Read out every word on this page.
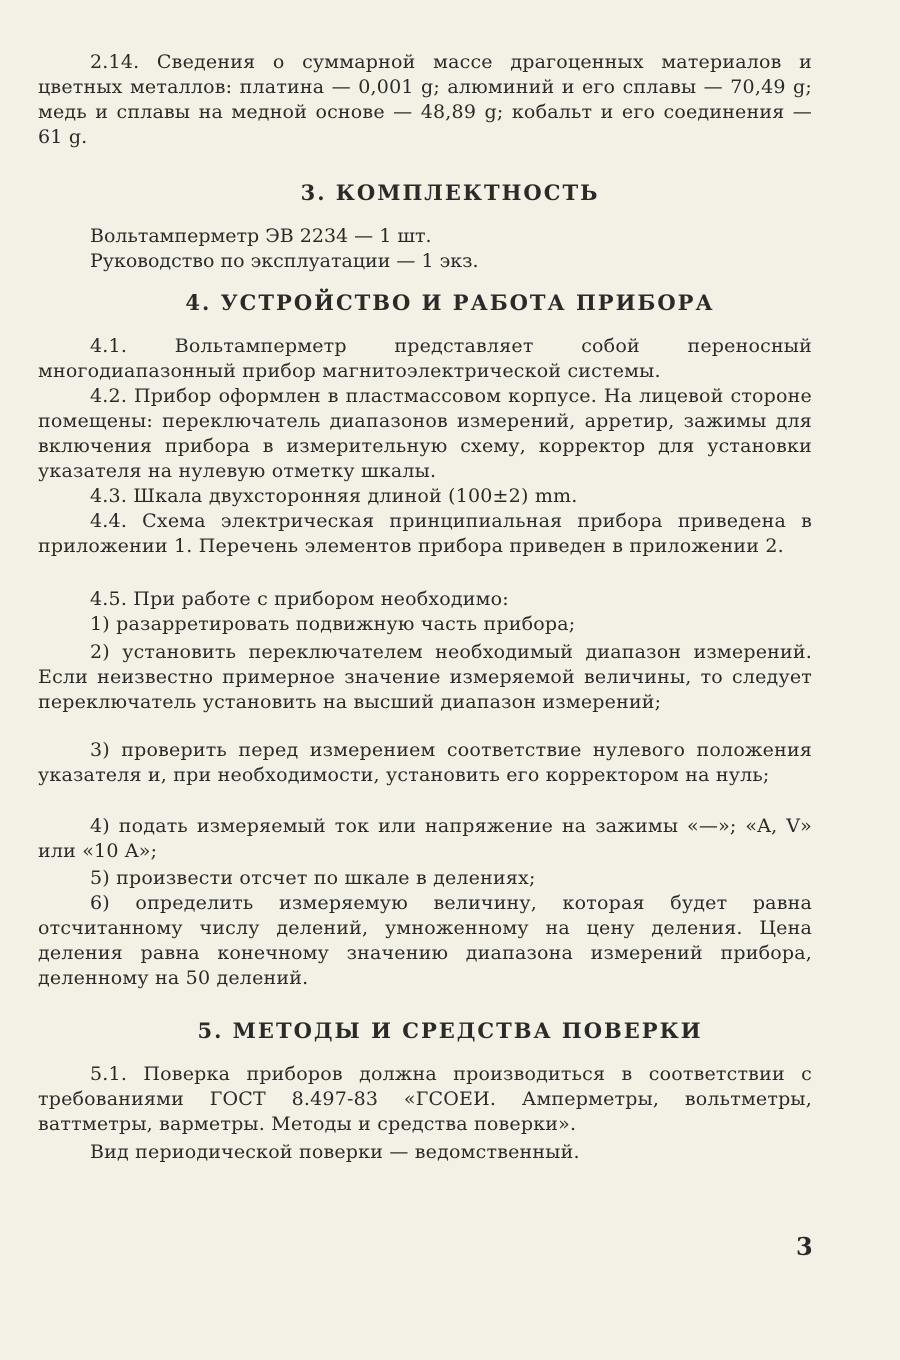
2.14. Сведения о суммарной массе драгоценных материалов и цветных металлов: платина — 0,001 g; алюминий и его сплавы — 70,49 g; медь и сплавы на медной основе — 48,89 g; кобальт и его соединения — 61 g.

3. КОМПЛЕКТНОСТЬ
Вольтамперметр ЭВ 2234 — 1 шт.
Руководство по эксплуатации — 1 экз.
4. УСТРОЙСТВО И РАБОТА ПРИБОРА

4.1. Вольтамперметр представляет собой переносный многодиапазонный прибор магнитоэлектрической системы.

4.2. Прибор оформлен в пластмассовом корпусе. На лицевой стороне помещены: переключатель диапазонов измерений, арретир, зажимы для включения прибора в измерительную схему, корректор для установки указателя на нулевую отметку шкалы.

4.3. Шкала двухсторонняя длиной (100±2) mm.

4.4. Схема электрическая принципиальная прибора приведена в приложении 1. Перечень элементов прибора приведен в приложении 2.

4.5. При работе с прибором необходимо:

1) разарретировать подвижную часть прибора;

2) установить переключателем необходимый диапазон измерений. Если неизвестно примерное значение измеряемой величины, то следует переключатель установить на высший диапазон измерений;

3) проверить перед измерением соответствие нулевого положения указателя и, при необходимости, установить его корректором на нуль;

4) подать измеряемый ток или напряжение на зажимы «—»; «A, V» или «10 A»;

5) произвести отсчет по шкале в делениях;

6) определить измеряемую величину, которая будет равна отсчитанному числу делений, умноженному на цену деления. Цена деления равна конечному значению диапазона измерений прибора, деленному на 50 делений.

5. МЕТОДЫ И СРЕДСТВА ПОВЕРКИ

5.1. Поверка приборов должна производиться в соответствии с требованиями ГОСТ 8.497-83 «ГСОЕИ. Амперметры, вольтметры, ваттметры, варметры. Методы и средства поверки».

Вид периодической поверки — ведомственный.

3
